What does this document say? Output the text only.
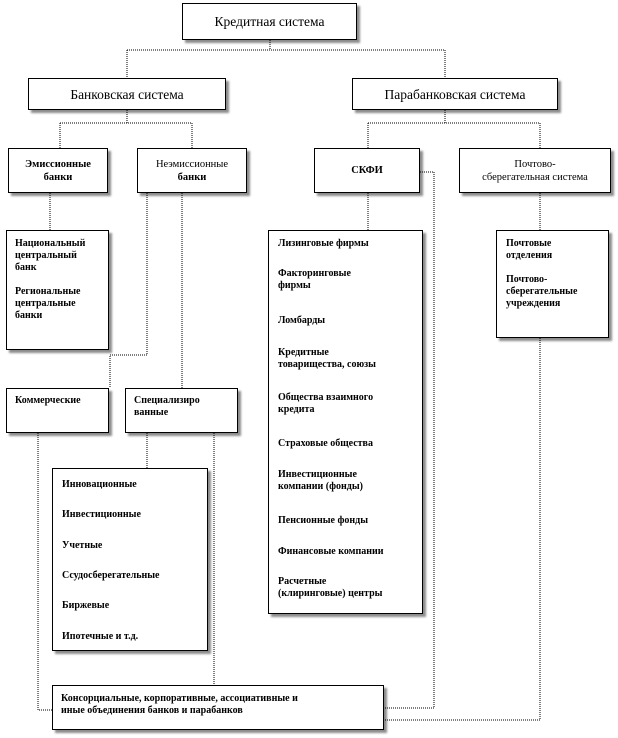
Кредитная система
Банковская система	Парабанковская система
Эмиссионные
банки
Неэмиссионные
банки
СКФИ
Почтово-
сберегательная система
Национальный
центральный
банк
Региональные
центральные
банки
Коммерческие	Специализиро
ванные
Инновационные
Инвестиционные
Учетные
Ссудосберегательные
Биржевые
Ипотечные и т.д.
Лизинговые фирмы
Факторинговые
фирмы
Ломбарды
Кредитные
товарищества, союзы
Общества взаимного
кредита
Страховые общества
Инвестиционные
компании (фонды)
Пенсионные фонды
Финансовые компании
Расчетные
(клиринговые) центры
Почтовые
отделения
Почтово-
сберегательные
учреждения
Консорциальные, корпоративные, ассоциативные и
иные объединения банков и парабанков
